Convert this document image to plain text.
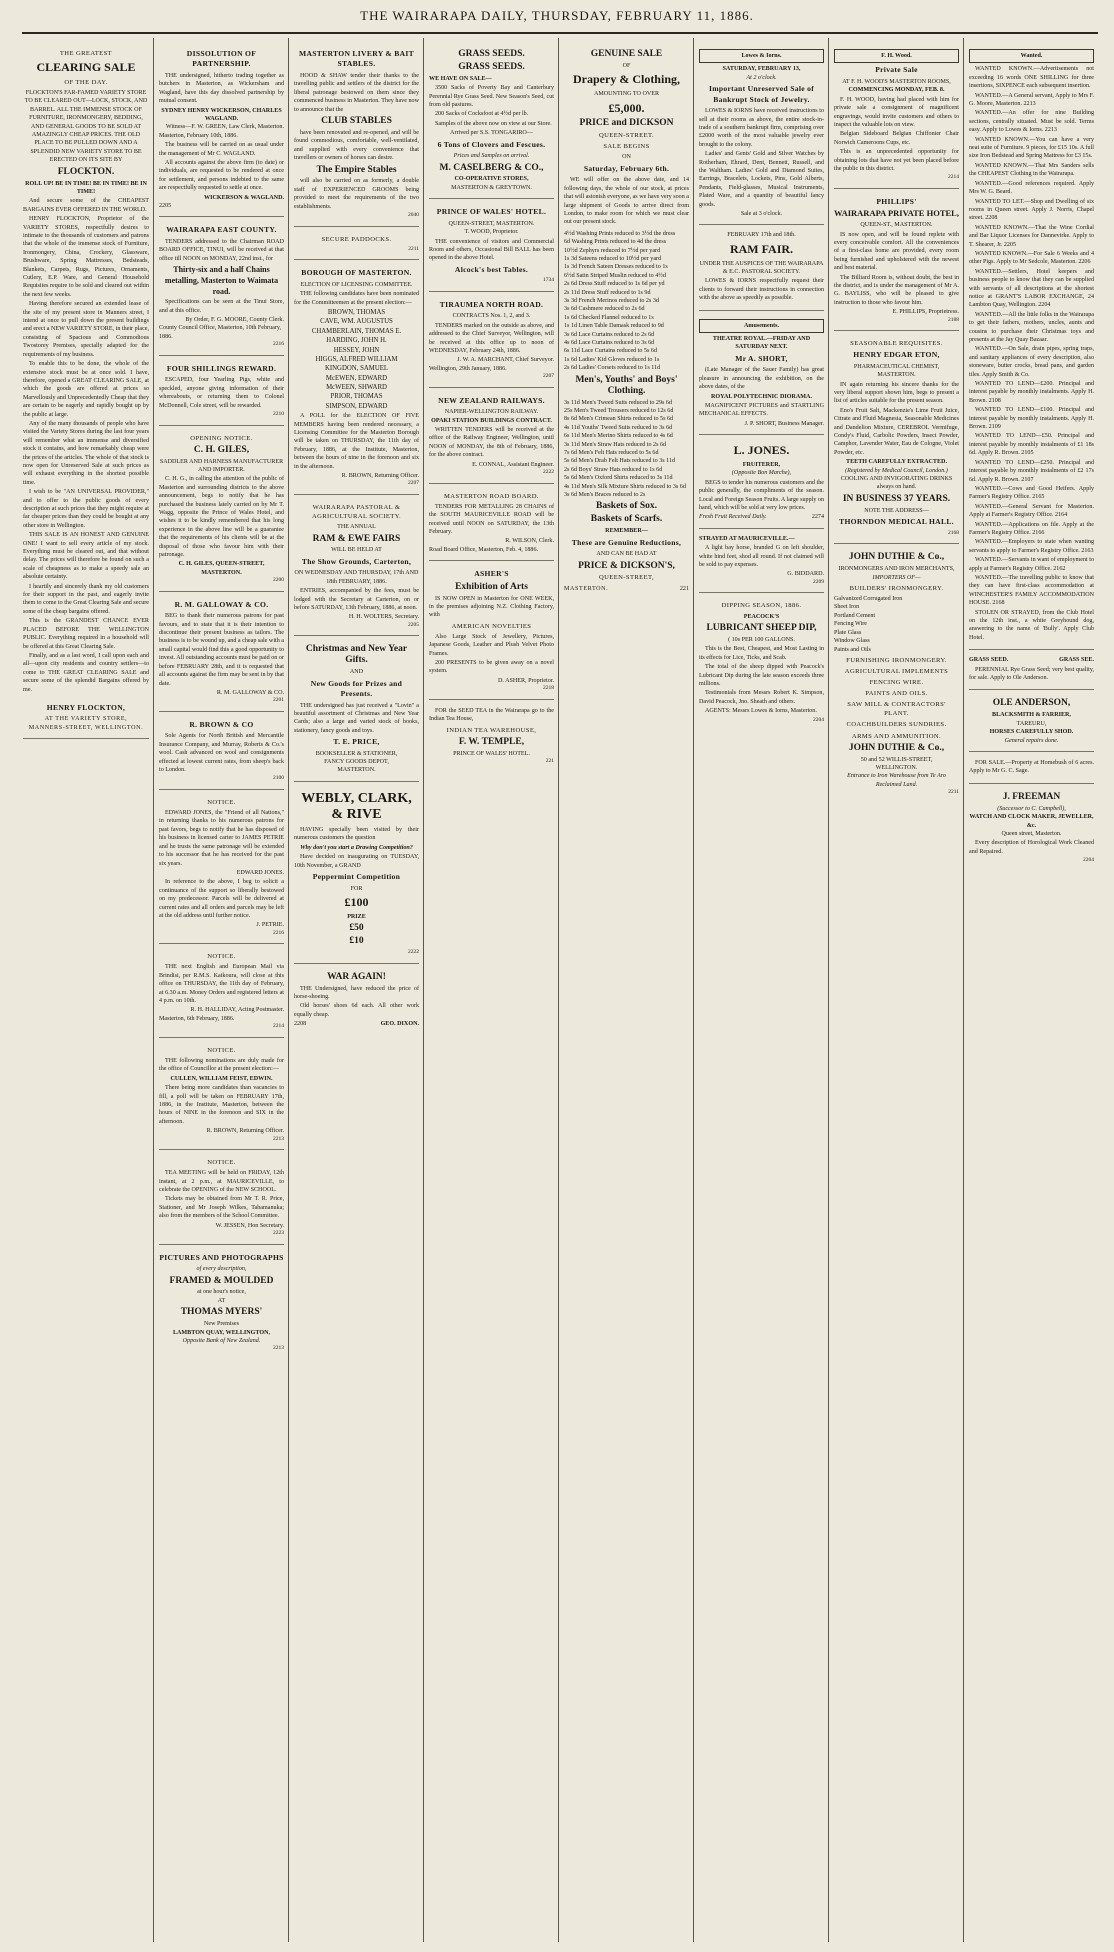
THE WAIRARAPA DAILY, THURSDAY, FEBRUARY 11, 1886.
THE GREATEST
CLEARING SALE
OF THE DAY.

FLOCKTON'S FAR-FAMED VARIETY STORE TO BE CLEARED OUT—LOCK, STOCK, AND BARREL. ALL THE IMMENSE STOCK OF FURNITURE, IRONMONGERY, BEDDING, AND GENERAL GOODS TO BE SOLD AT AMAZINGLY CHEAP PRICES. THE OLD PLACE TO BE PULLED DOWN AND A SPLENDID NEW VARIETY STORE TO BE ERECTED ON ITS SITE BY

FLOCKTON.
ROLL UP! BE IN TIME! BE IN TIME! BE IN TIME!

And secure some of the CHEAPEST BARGAINS EVER OFFERED IN THE WORLD.

HENRY FLOCKTON, Proprietor of the VARIETY STORES, respectfully desires to intimate to the thousands of customers and patrons that the whole of the immense stock of Furniture, Ironmongery, China, Crockery, Glassware, Brushware, Spring Mattresses, Bedsteads, Blankets, Carpets, Rugs, Pictures, Ornaments, Cutlery, E.P. Ware, and General Household Requisites require to be sold and cleared out within the next few weeks.

Having therefore secured an extended lease of the site of my present store in Manners street, I intend at once to pull down the present buildings and erect a NEW VARIETY STORE, in their place, consisting of Spacious and Commodious Twostorey Premises, specially adapted for the requirements of my business.

To enable this to be done, the whole of the extensive stock must be at once sold. I have, therefore, opened a GREAT CLEARING SALE, at which the goods are offered at prices so Marvellously and Unprecedentedly Cheap that they are certain to be eagerly and rapidly bought up by the public at large.

Any of the many thousands of people who have visited the Variety Stores during the last four years will remember what an immense and diversified stock it contains, and how remarkably cheap were the prices of the articles. The whole of that stock is now open for Unreserved Sale at such prices as will exhaust everything in the shortest possible time.

I wish to be "AN UNIVERSAL PROVIDER," and to offer to the public goods of every description at such prices that they might require at far cheaper prices than they could be bought at any other store in Wellington.

THIS SALE IS AN HONEST AND GENUINE ONE! I want to sell every article of my stock. Everything must be cleared out, and that without delay. The prices will therefore be found on such a scale of cheapness as to make a speedy sale an absolute certainty.

I heartily and sincerely thank my old customers for their support in the past, and eagerly invite them to come to the Great Clearing Sale and secure some of the cheap bargains offered.

This is the GRANDEST CHANCE EVER PLACED BEFORE THE WELLINGTON PUBLIC. Everything required in a household will be offered at this Great Clearing Sale.

Finally, and as a last word, I call upon each and all—upon city residents and country settlers—to come to THE GREAT CLEARING SALE and secure some of the splendid Bargains offered by me.

HENRY FLOCKTON,
AT THE VARIETY STORE,
MANNERS-STREET, WELLINGTON.
DISSOLUTION OF PARTNERSHIP.

THE undersigned, hitherto trading together as butchers in Masterton, as Wickersham and Wagland, have this day dissolved partnership by mutual consent.

SYDNEY HENRY WICKERSON, CHARLES WAGLAND.
Witness—F. W. GREEN, Law Clerk, Masterton.
Masterton, February 10th, 1886.

The business will be carried on as usual under the management of Mr C. WAGLAND.

All accounts against the above firm (to date) or individuals, are requested to be rendered at once for settlement, and persons indebted to the same are respectfully requested to settle at once.

WICKERSON & WAGLAND.
2205
WAIRARAPA EAST COUNTY.

TENDERS addressed to the Chairman ROAD BOARD OFFICE, TINUI, will be received at that office till NOON on MONDAY, 22nd inst., for

Thirty-six and a half Chains metalling, Masterton to Waimata road.

Specifications can be seen at the Tinui Store, and at this office.

By Order, F. G. MOORE, County Clerk.
County Council Office, Masterton, 10th February, 1886.
2216
FOUR SHILLINGS REWARD.

ESCAPED, four Yearling Pigs, white and speckled, anyone giving information of their whereabouts, or returning them to Colonel McDonnell, Cole street, will be rewarded.

2210
OPENING NOTICE.
C. H. GILES,
SADDLER AND HARNESS MANUFACTURER AND IMPORTER.

C. H. G., in calling the attention of the public of Masterton and surrounding districts to the above announcement, begs to notify that he has purchased the business lately carried on by Mr T. Wagg, opposite the Prince of Wales Hotel, and wishes it to be kindly remembered that his long experience in the above line will be a guarantee that the requirements of his clients will be at the disposal of those who favour him with their patronage.

C. H. GILES, QUEEN-STREET, MASTERTON.
2200
R. M. GALLOWAY & CO.

BEG to thank their numerous patrons for past favours, and to state that it is their intention to discontinue their present business as tailors. The business is to be wound up, and a cheap sale with a small capital would find this a good opportunity to invest. All outstanding accounts must be paid on or before FEBRUARY 28th, and it is requested that all accounts against the firm may be sent in by that date.

R. M. GALLOWAY & CO.
2201
R. BROWN & CO

Sole Agents for North British and Mercantile Insurance Company, and Murray, Roberts & Co.'s wool. Cash advanced on wool and consignments effected at lowest current rates, from sheep's back to London.

2100
NOTICE.

EDWARD JONES, the "Friend of all Nations," in returning thanks to his numerous patrons for past favors, begs to notify that he has disposed of his business in licensed carter to JAMES PETRIE and he trusts the same patronage will be extended to his successor that he has received for the past six years.

EDWARD JONES.

In reference to the above, I beg to solicit a continuance of the support so liberally bestowed on my predecessor. Parcels will be delivered at current rates and all orders and parcels may be left at the old address until further notice.

J. PETRIE.
2216
NOTICE.

THE next English and European Mail via Brindisi, per R.M.S. Kaikoura, will close at this office on THURSDAY, the 11th day of February, at 6.30 a.m. Money Orders and registered letters at 4 p.m. on 10th.

R. H. HALLIDAY, Acting Postmaster.
Masterton, 6th February, 1886.
2214
NOTICE.

THE following nominations are duly made for the office of Councillor at the present election:—

CULLEN, WILLIAM FEIST, EDWIN.

There being more candidates than vacancies to fill, a poll will be taken on FEBRUARY 17th, 1886, in the Institute, Masterton, between the hours of NINE in the forenoon and SIX in the afternoon.

R. BROWN, Returning Officer.
2213
NOTICE.

TEA MEETING will be held on FRIDAY, 12th instant, at 2 p.m., at MAURICEVILLE, to celebrate the OPENING of the NEW SCHOOL.

Tickets may be obtained from Mr T. R. Price, Stationer, and Mr Joseph Wilkes, Tabamanuka; also from the members of the School Committee.

W. JESSEN, Hon Secretary.
2223
PICTURES AND PHOTOGRAPHS
of every description,
FRAMED & MOULDED
at one hour's notice,
AT
THOMAS MYERS'
New Premises
LAMBTON QUAY, WELLINGTON,
Opposite Bank of New Zealand.
2213
MASTERTON LIVERY & BAIT STABLES.

HOOD & SHAW tender their thanks to the travelling public and settlers of the district for the liberal patronage bestowed on them since they commenced business in Masterton. They have now to announce that the

CLUB STABLES

have been renovated and re-opened, and will be found commodious, comfortable, well-ventilated, and supplied with every convenience that travellers or owners of horses can desire.

The Empire Stables

will also be carried on as formerly, a double staff of EXPERIENCED GROOMS being provided to meet the requirements of the two establishments.

2040
SECURE PADDOCKS.
2211
BOROUGH OF MASTERTON.
ELECTION OF LICENSING COMMITTEE.

THE following candidates have been nominated for the Committeemen at the present election:—

BROWN, THOMAS
CAVE, WM. AUGUSTUS
CHAMBERLAIN, THOMAS E.
HARDING, JOHN H.
HESSEY, JOHN
HIGGS, ALFRED WILLIAM
KINGDON, SAMUEL
McEWEN, EDWARD
McWEEN, SHWARD
PRIOR, THOMAS
SIMPSON, EDWARD

A POLL for the ELECTION OF FIVE MEMBERS having been rendered necessary, a Licensing Committee for the Masterton Borough will be taken on THURSDAY, the 11th day of February, 1886, at the Institute, Masterton, between the hours of nine in the forenoon and six in the afternoon.

R. BROWN, Returning Officer.
2207
WAIRARAPA PASTORAL & AGRICULTURAL SOCIETY.
THE ANNUAL
RAM & EWE FAIRS
WILL BE HELD AT
The Show Grounds, Carterton,
ON WEDNESDAY AND THURSDAY, 17th AND 18th FEBRUARY, 1886.

ENTRIES, accompanied by the fees, must be lodged with the Secretary at Carterton, on or before SATURDAY, 13th February, 1886, at noon.

H. H. WOLTERS, Secretary.
2205
Christmas and New Year Gifts.
AND
New Goods for Prizes and Presents.

THE undersigned has just received a "Lovin" a beautiful assortment of Christmas and New Year Cards; also a large and varied stock of books, stationery, fancy goods and toys.

T. E. PRICE,
BOOKSELLER & STATIONER,
FANCY GOODS DEPOT,
MASTERTON.
WEBLY, CLARK, & RIVE

HAVING specially been visited by their numerous customers the question

Why don't you start a Drawing Competition?

Have decided on inaugurating on TUESDAY, 10th November, a GRAND

Peppermint Competition
FOR
£100
PRIZE
£50
£10
2222
WAR AGAIN!

THE Undersigned, have reduced the price of horse-shoeing.

Old horses' shoes 6d each. All other work equally cheap.

2208	GEO. DIXON.
GRASS SEEDS.
GRASS SEEDS.
WE HAVE ON SALE—

3500 Sacks of Poverty Bay and Canterbury Perennial Rye Grass Seed. New Season's Seed, cut from old pastures.

200 Sacks of Cocksfoot at 4½d per lb.

Samples of the above now on view at our Store.

Arrived per S.S. TONGARIRO—
6 Tons of Clovers and Fescues.
Prices and Samples on arrival.
M. CASELBERG & CO.,
CO-OPERATIVE STORES,
MASTERTON & GREYTOWN.
PRINCE OF WALES' HOTEL.
QUEEN-STREET, MASTERTON.
T. WOOD, Proprietor.

THE convenience of visitors and Commercial Room and others, Occasional Bill BALL has been opened in the above Hotel.

Alcock's best Tables.
1734
TIRAUMEA NORTH ROAD.
CONTRACTS Nos. 1, 2, and 3.

TENDERS marked on the outside as above, and addressed to the Chief Surveyor, Wellington, will be received at this office up to noon of WEDNESDAY, February 24th, 1886.

J. W. A. MARCHANT, Chief Surveyor.
Wellington, 29th January, 1886.
2207
NEW ZEALAND RAILWAYS.
NAPIER-WELLINGTON RAILWAY.
OPAKI STATION BUILDINGS CONTRACT.

WRITTEN TENDERS will be received at the office of the Railway Engineer, Wellington, until NOON of MONDAY, the 8th of February, 1886, for the above contract.

E. CONNAL, Assistant Engineer.
2222
MASTERTON ROAD BOARD.

TENDERS FOR METALLING 28 CHAINS of the SOUTH MAURICEVILLE ROAD will be received until NOON on SATURDAY, the 13th February.

R. WILSON, Clerk.
Road Board Office, Masterton, Feb. 4, 1886.
ASHER'S
Exhibition of Arts

IS NOW OPEN in Masterton for ONE WEEK, in the premises adjoining N.Z. Clothing Factory, with

AMERICAN NOVELTIES

Also Large Stock of Jewellery, Pictures, Japanese Goods, Leather and Plush Velvet Photo Frames.

200 PRESENTS to be given away on a novel system.

D. ASHER, Proprietor.
2218

FOR the SEED TEA in the Wairarapa go to the Indian Tea House,

INDIAN TEA WAREHOUSE,
F. W. TEMPLE,
PRINCE OF WALES' HOTEL.
221
GENUINE SALE
OF
Drapery & Clothing,
AMOUNTING TO OVER
£5,000.
PRICE and DICKSON
QUEEN-STREET.
SALE BEGINS
ON
Saturday, February 6th.

WE will offer on the above date, and 14 following days, the whole of our stock, at prices that will astonish everyone, as we have very soon a large shipment of Goods to arrive direct from London, to make room for which we must clear out our present stock.

4½d Washing Prints reduced to 3½d the dress
6d Washing Prints reduced to 4d the dress
10½d Zephyrs reduced to 7½d per yard
1s 3d Sateens reduced to 10½d per yard
1s 3d French Sateen Dresses reduced to 1s
6½d Satin Striped Muslin reduced to 4½d
2s 6d Dress Stuff reduced to 1s 6d per yd
2s 11d Dress Stuff reduced to 1s 9d
3s 3d French Merinos reduced to 2s 3d
3s 6d Cashmere reduced to 2s 6d
1s 6d Checked Flannel reduced to 1s
1s 1d Linen Table Damask reduced to 9d
3s 6d Lace Curtains reduced to 2s 6d
4s 6d Lace Curtains reduced to 3s 6d
6s 11d Lace Curtains reduced to 5s 6d
1s 6d Ladies' Kid Gloves reduced to 1s
2s 6d Ladies' Corsets reduced to 1s 11d
Men's, Youths' and Boys' Clothing.
3s 11d Men's Tweed Suits reduced to 29s 6d
25s Men's Tweed Trousers reduced to 12s 6d
8s 6d Men's Crimean Shirts reduced to 5s 6d
4s 11d Youths' Tweed Suits reduced to 3s 6d
6s 11d Men's Merino Shirts reduced to 4s 6d
3s 11d Men's Straw Hats reduced to 2s 6d
7s 6d Men's Felt Hats reduced to 5s 6d
5s 6d Men's Drab Felt Hats reduced to 3s 11d
2s 6d Boys' Straw Hats reduced to 1s 6d
5s 6d Men's Oxford Shirts reduced to 3s 11d
4s 11d Men's Silk Mixture Shirts reduced to 3s 6d
3s 6d Men's Braces reduced to 2s
Baskets of Sox.
Baskets of Scarfs.
REMEMBER—
These are Genuine Reductions,
AND CAN BE HAD AT
PRICE & DICKSON'S,
QUEEN-STREET,
MASTERTON.	221
Lowes & Iorns.
SATURDAY, FEBRUARY 13,
At 2 o'clock.
Important Unreserved Sale of Bankrupt Stock of Jewelry.

LOWES & IORNS have received instructions to sell at their rooms as above, the entire stock-in-trade of a southern bankrupt firm, comprising over £2000 worth of the most valuable jewelry ever brought to the colony.

Ladies' and Gents' Gold and Silver Watches by Rotherham, Ehrard, Dent, Bennett, Russell, and the Waltham. Ladies' Gold and Diamond Suites, Earrings, Bracelets, Lockets, Pins, Gold Alberts, Pendants, Field-glasses, Musical Instruments, Plated Ware, and a quantity of beautiful fancy goods.

Sale at 3 o'clock.
FEBRUARY 17th and 18th.
RAM FAIR.
UNDER THE AUSPICES OF THE WAIRARAPA & E.C. PASTORAL SOCIETY.

LOWES & IORNS respectfully request their clients to forward their instructions in connection with the above as speedily as possible.

Amusements.
THEATRE ROYAL.—FRIDAY AND SATURDAY NEXT.
Mr A. SHORT,

(Late Manager of the Sauer Family) has great pleasure in announcing the exhibition, on the above dates, of the

ROYAL POLYTECHNIC DIORAMA.

MAGNIFICENT PICTURES and STARTLING MECHANICAL EFFECTS.

J. P. SHORT, Business Manager.
L. JONES.
FRUITERER,
(Opposite Bon Marche),

BEGS to tender his numerous customers and the public generally, the compliments of the season. Local and Foreign Season Fruits. A large supply on hand, which will be sold at very low prices.

Fresh Fruit Received Daily.	2274
STRAYED AT MAURICEVILLE.—

A light bay horse, branded G on left shoulder, white hind feet, shod all round. If not claimed will be sold to pay expenses.

G. BIDDARD.
2209
DIPPING SEASON, 1886.
PEACOCK'S
LUBRICANT SHEEP DIP,
( 10s PER 100 GALLONS.

This is the Best, Cheapest, and Most Lasting in its effects for Lice, Ticks, and Scab.

The total of the sheep dipped with Peacock's Lubricant Dip during the late season exceeds three millions.

Testimonials from Messrs Robert K. Simpson, David Peacock, Jno. Sheath and others.

AGENTS: Messrs Lowes & Iorns, Masterton.

2204
F. H. Wood.
Private Sale
AT F. H. WOOD'S MASTERTON ROOMS,
COMMENCING MONDAY, FEB. 8.

F. H. WOOD, having had placed with him for private sale a consignment of magnificent engravings, would invite customers and others to inspect the valuable lots on view.

Belgian Sideboard Belgian Chiffonier Chair Norwich Cameroons Cups, etc.

This is an unprecedented opportunity for obtaining lots that have not yet been placed before the public in this district.

2214
PHILLIPS'
WAIRARAPA PRIVATE HOTEL,
QUEEN-ST., MASTERTON.

IS now open, and will be found replete with every conceivable comfort. All the conveniences of a first-class home are provided, every room being furnished and upholstered with the newest and best material.

The Billiard Room is, without doubt, the best in the district, and is under the management of Mr A. G. BAYLISS, who will be pleased to give instruction to those who favour him.

E. PHILLIPS, Proprietress.
2188
SEASONABLE REQUISITES.
HENRY EDGAR ETON,
PHARMACEUTICAL CHEMIST,
MASTERTON.

IN again returning his sincere thanks for the very liberal support shown him, begs to present a list of articles suitable for the present season.

Eno's Fruit Salt, Mackenzie's Lime Fruit Juice, Citrate and Fluid Magnesia, Seasonable Medicines and Dandelion Mixture, CEREBROL Vermifuge, Condy's Fluid, Carbolic Powders, Insect Powder, Camphor, Lavender Water, Eau de Cologne, Violet Powder, etc.

TEETH CAREFULLY EXTRACTED.
(Registered by Medical Council, London.)
COOLING AND INVIGORATING DRINKS always on hand.
IN BUSINESS 37 YEARS.
NOTE THE ADDRESS—
THORNDON MEDICAL HALL.
2168
JOHN DUTHIE & Co.,
IRONMONGERS AND IRON MERCHANTS,
IMPORTERS OF—
BUILDERS' IRONMONGERY.
Galvanized Corrugated Iron
Sheet Iron
Portland Cement
Fencing Wire
Plate Glass
Window Glass
Paints and Oils
FURNISHING IRONMONGERY.
AGRICULTURAL IMPLEMENTS
FENCING WIRE.
PAINTS AND OILS.
SAW MILL & CONTRACTORS' PLANT.
COACHBUILDERS SUNDRIES.
ARMS AND AMMUNITION.
JOHN DUTHIE & Co.,
50 and 52 WILLIS-STREET,
WELLINGTON.
Entrance to Iron Warehouse from Te Aro Reclaimed Land.
2211
Wanted.

WANTED KNOWN.—Advertisements not exceeding 16 words ONE SHILLING for three insertions, SIXPENCE each subsequent insertion.

WANTED.—A General servant, Apply to Mrs F. G. Moore, Masterton. 2213

WANTED.—An offer for nine Building sections, centrally situated. Must be sold. Terms easy. Apply to Lowes & Iorns. 2213

WANTED KNOWN.—You can have a very neat suite of Furniture. 9 pieces, for £15 10s. A full size Iron Bedstead and Spring Mattress for £3 15s.

WANTED KNOWN.—That Mrs Sanders sells the CHEAPEST Clothing in the Wairarapa.

WANTED.—Good references required. Apply Mrs W. G. Beard.

WANTED TO LET.—Shop and Dwelling of six rooms in Queen street. Apply J. Norris, Chapel street. 2208

WANTED KNOWN.—That the Wine Cordial and Bar Liquor Licenses for Dannevirke. Apply to T. Shearer, Jr. 2205

WANTED KNOWN.—For Sale 6 Weeks and 4 other Pigs. Apply to Mr Sedcole, Masterton. 2206

WANTED.—Settlers, Hotel keepers and business people to know that they can be supplied with servants of all descriptions at the shortest notice at GRANT'S LABOR EXCHANGE, 24 Lambton Quay, Wellington. 2204

WANTED.—All the little folks in the Wairarapa to get their fathers, mothers, uncles, aunts and cousins to purchase their Christmas toys and presents at the Jay Quay Bazaar.

WANTED.—On Sale, drain pipes, spring traps, and sanitary appliances of every description, also stoneware, butter crocks, bread pans, and garden tiles. Apply Smith & Co.

WANTED TO LEND—£200. Principal and interest payable by monthly instalments. Apply H. Brown. 2108

WANTED TO LEND—£100. Principal and interest payable by monthly instalments. Apply H. Brown. 2109

WANTED TO LEND—£50. Principal and interest payable by monthly instalments of £1 18s 6d. Apply R. Brown. 2105

WANTED TO LEND—£250. Principal and interest payable by monthly instalments of £2 17s 6d. Apply R. Brown. 2107

WANTED.—Cows and Good Heifers. Apply Farmer's Registry Office. 2165

WANTED.—General Servant for Masterton. Apply at Farmer's Registry Office. 2164

WANTED.—Applications on file. Apply at the Farmer's Registry Office. 2166

WANTED.—Employers to state when wanting servants to apply to Farmer's Registry Office. 2163

WANTED.—Servants in want of employment to apply at Farmer's Registry Office. 2162

WANTED.—The travelling public to know that they can have first-class accommodation at WINCHESTER'S FAMILY ACCOMMODATION HOUSE. 2168

STOLEN OR STRAYED, from the Club Hotel on the 12th inst., a white Greyhound dog, answering to the name of 'Bully'. Apply Club Hotel.

GRASS SEED.	GRASS SEE.

PERENNIAL Rye Grass Seed; very best quality, for sale. Apply to Ole Anderson.

OLE ANDERSON,
BLACKSMITH & FARRIER,
TAREURU,
HORSES CAREFULLY SHOD.
General repairs done.

FOR SALE.—Property at Homebush of 6 acres. Apply to Mr G. C. Sage.

J. FREEMAN
(Successor to C. Campbell),
WATCH AND CLOCK MAKER, JEWELLER, &c.
Queen street, Masterton.

Every description of Horological Work Cleaned and Repaired.

2204
